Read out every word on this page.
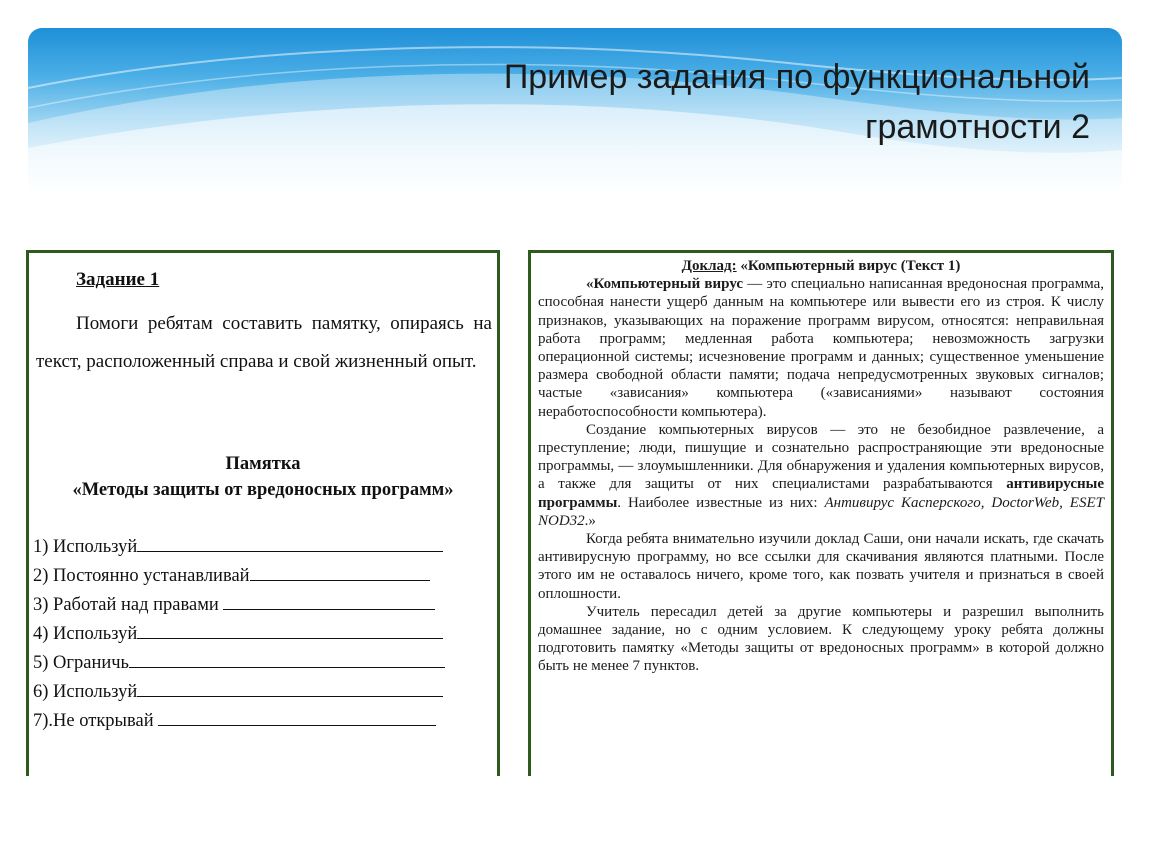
Пример задания по функциональной
грамотности 2
Задание 1
Помоги ребятам составить памятку, опираясь на текст, расположенный справа и свой жизненный опыт.
Памятка
«Методы защиты от вредоносных программ»
1) Используй
2) Постоянно устанавливай
3) Работай над правами
4) Используй
5) Ограничь
6) Используй
7).Не открывай
Доклад: «Компьютерный вирус (Текст 1)

«Компьютерный вирус — это специально написанная вредоносная программа, способная нанести ущерб данным на компьютере или вывести его из строя. К числу признаков, указывающих на поражение программ вирусом, относятся: неправильная работа программ; медленная работа компьютера; невозможность загрузки операционной системы; исчезновение программ и данных; существенное уменьшение размера свободной области памяти; подача непредусмотренных звуковых сигналов; частые «зависания» компьютера («зависаниями» называют состояния неработоспособности компьютера).

Создание компьютерных вирусов — это не безобидное развлечение, а преступление; люди, пишущие и сознательно распространяющие эти вредоносные программы, — злоумышленники. Для обнаружения и удаления компьютерных вирусов, а также для защиты от них специалистами разрабатываются антивирусные программы. Наиболее известные из них: Антивирус Касперского, DoctorWeb, ESET NOD32.»

Когда ребята внимательно изучили доклад Саши, они начали искать, где скачать антивирусную программу, но все ссылки для скачивания являются платными. После этого им не оставалось ничего, кроме того, как позвать учителя и признаться в своей оплошности.

Учитель пересадил детей за другие компьютеры и разрешил выполнить домашнее задание, но с одним условием. К следующему уроку ребята должны подготовить памятку «Методы защиты от вредоносных программ» в которой должно быть не менее 7 пунктов.
